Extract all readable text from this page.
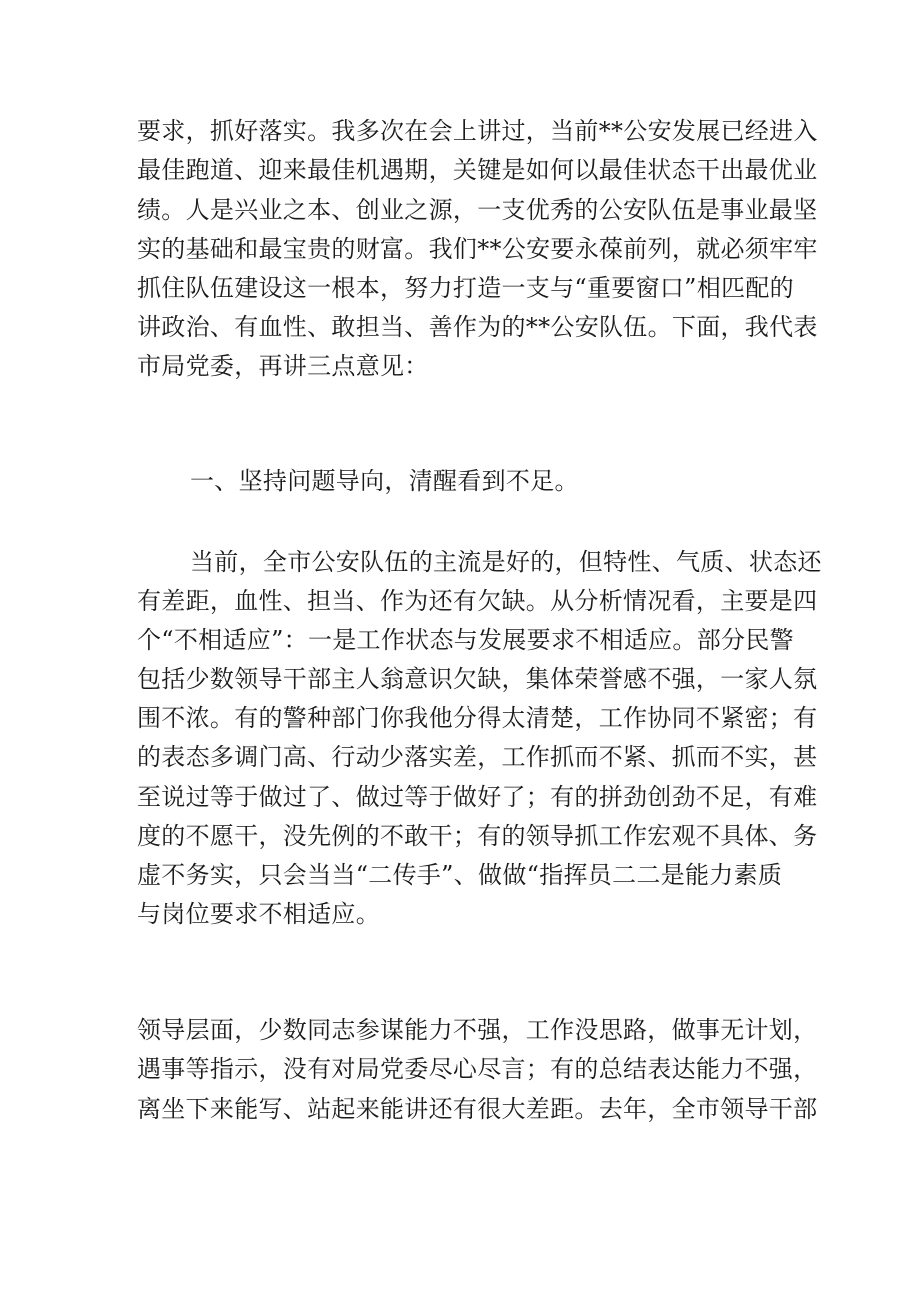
要求，抓好落实。我多次在会上讲过，当前**公安发展已经进入
最佳跑道、迎来最佳机遇期，关键是如何以最佳状态干出最优业
绩。人是兴业之本、创业之源，一支优秀的公安队伍是事业最坚
实的基础和最宝贵的财富。我们**公安要永葆前列，就必须牢牢
抓住队伍建设这一根本，努力打造一支与“重要窗口”相匹配的
讲政治、有血性、敢担当、善作为的**公安队伍。下面，我代表
市局党委，再讲三点意见：
一、坚持问题导向，清醒看到不足。
当前，全市公安队伍的主流是好的，但特性、气质、状态还
有差距，血性、担当、作为还有欠缺。从分析情况看，主要是四
个“不相适应”：一是工作状态与发展要求不相适应。部分民警
包括少数领导干部主人翁意识欠缺，集体荣誉感不强，一家人氛
围不浓。有的警种部门你我他分得太清楚，工作协同不紧密；有
的表态多调门高、行动少落实差，工作抓而不紧、抓而不实，甚
至说过等于做过了、做过等于做好了；有的拼劲创劲不足，有难
度的不愿干，没先例的不敢干；有的领导抓工作宏观不具体、务
虚不务实，只会当当“二传手”、做做“指挥员二二是能力素质
与岗位要求不相适应。
领导层面，少数同志参谋能力不强，工作没思路，做事无计划，
遇事等指示，没有对局党委尽心尽言；有的总结表达能力不强，
离坐下来能写、站起来能讲还有很大差距。去年，全市领导干部
